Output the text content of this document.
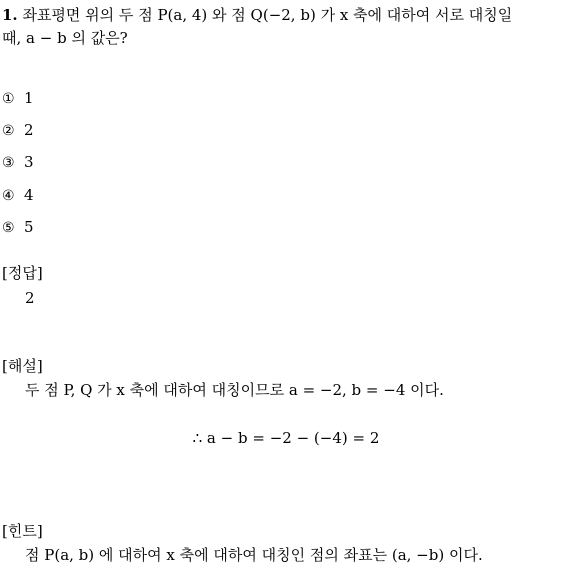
1. 좌표평면 위의 두 점 P(a, 4) 와 점 Q(−2, b) 가 x 축에 대하여 서로 대칭일
때, a − b 의 값은?
① 1
② 2
③ 3
④ 4
⑤ 5
[정답]
2
[해설]
두 점 P, Q 가 x 축에 대하여 대칭이므로 a = −2, b = −4 이다.
∴ a − b = −2 − (−4) = 2
[힌트]
점 P(a, b) 에 대하여 x 축에 대하여 대칭인 점의 좌표는 (a, −b) 이다.
